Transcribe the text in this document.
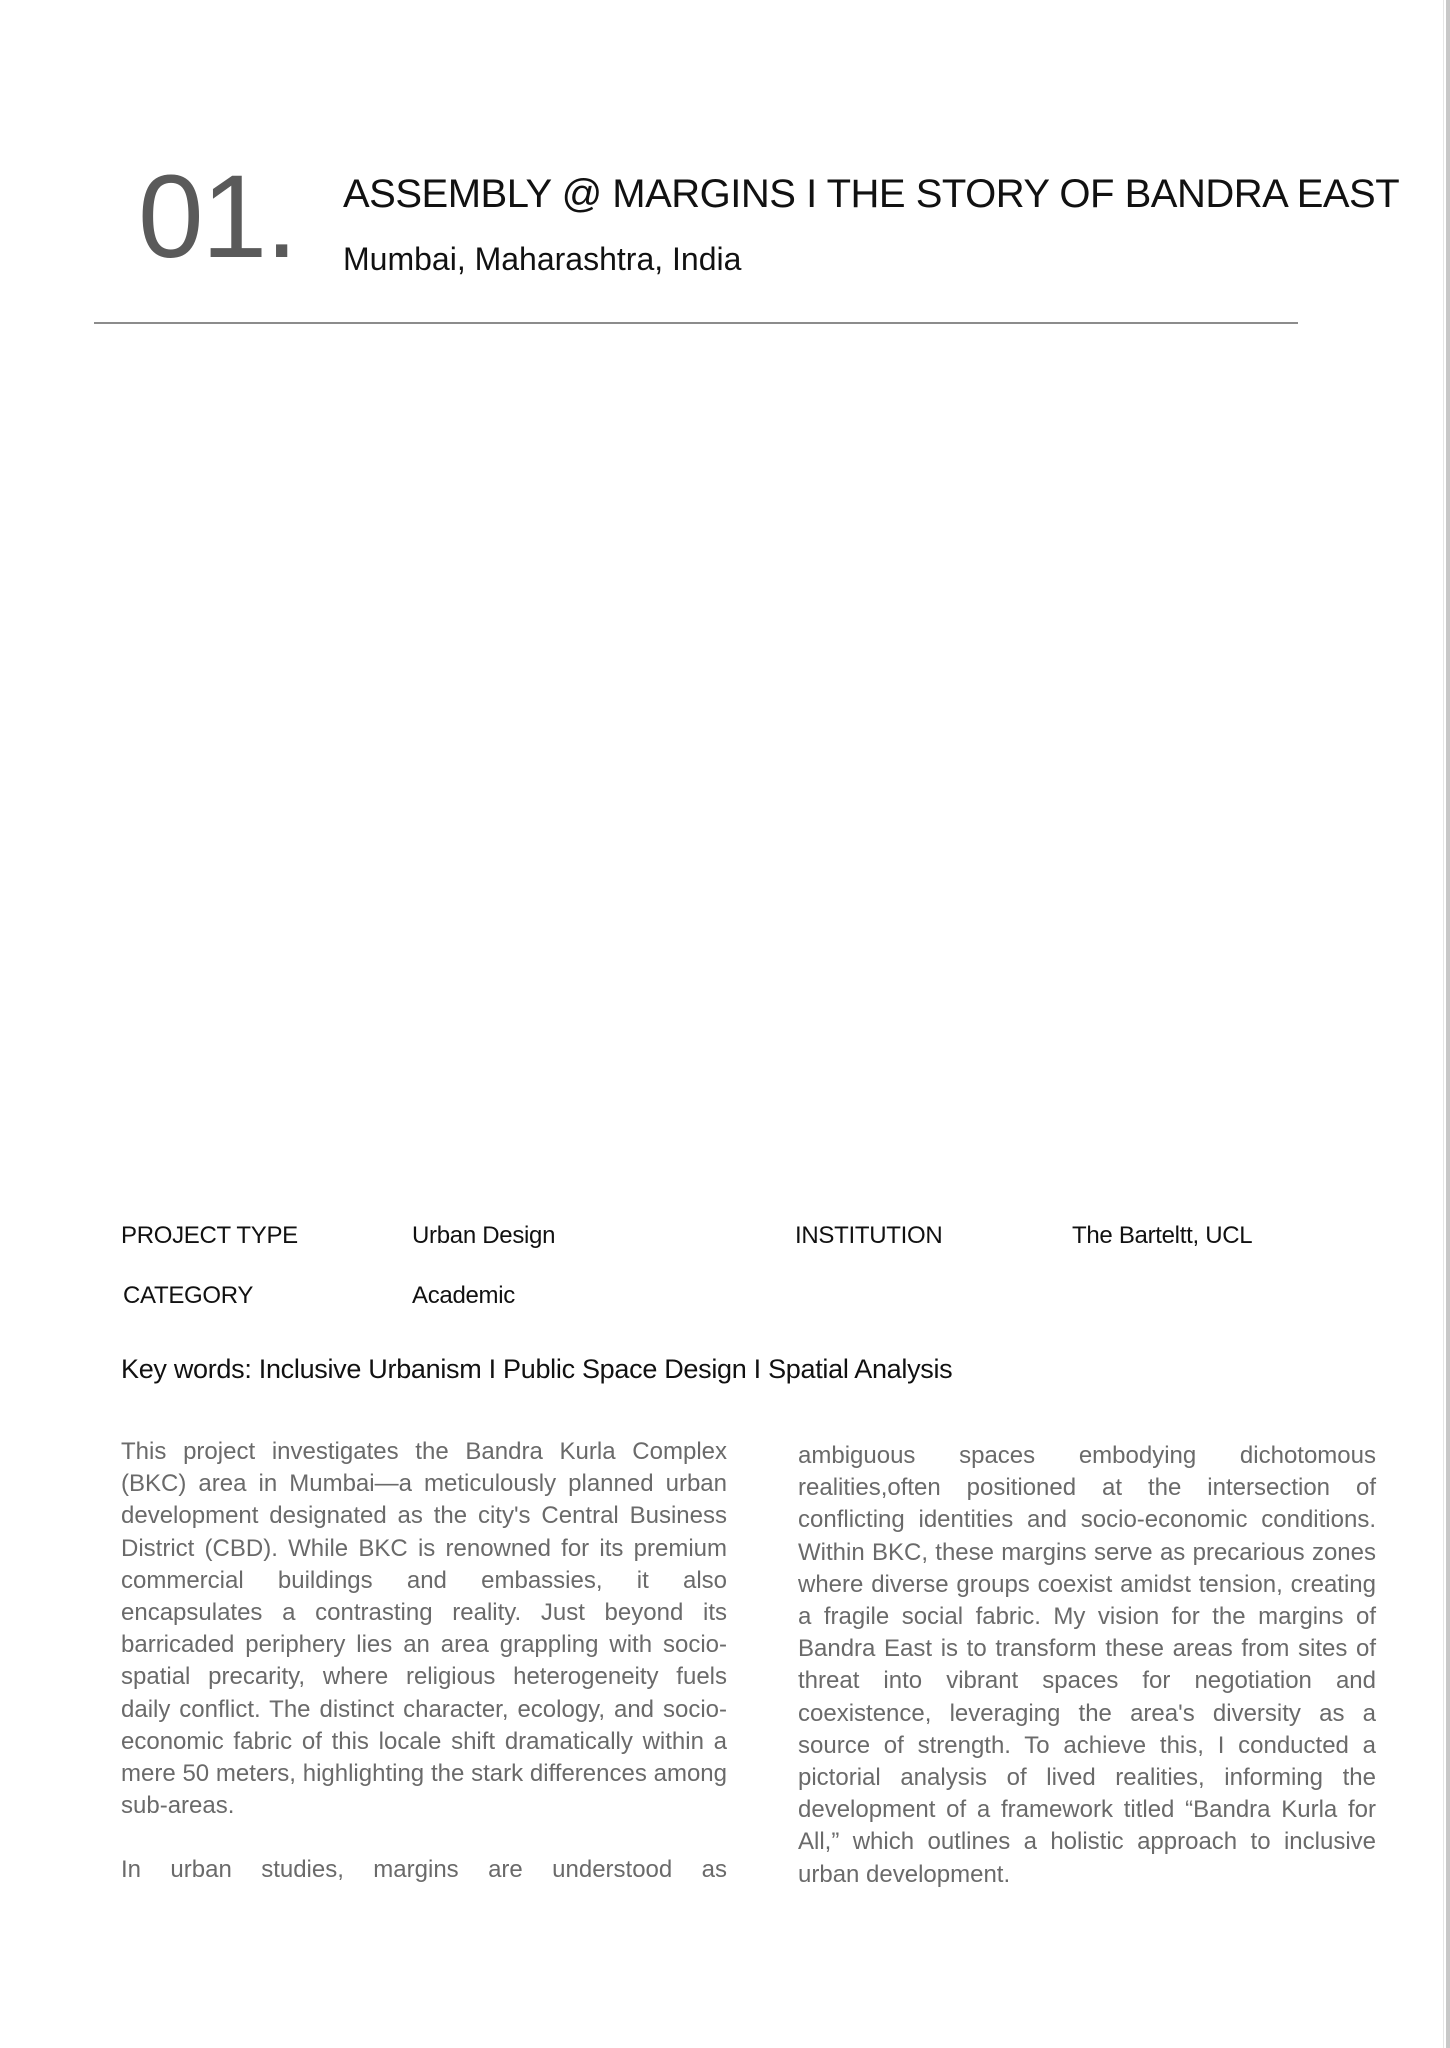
01. ASSEMBLY @ MARGINS I THE STORY OF BANDRA EAST
Mumbai, Maharashtra, India
PROJECT TYPE	Urban Design	INSTITUTION	The Barteltt, UCL
CATEGORY	Academic
Key words: Inclusive Urbanism I Public Space Design I Spatial Analysis

This project investigates the Bandra Kurla Complex (BKC) area in Mumbai—a meticulously planned urban development designated as the city's Central Business District (CBD). While BKC is renowned for its premium commercial buildings and embassies, it also encapsulates a contrasting reality. Just beyond its barricaded periphery lies an area grappling with socio-spatial precarity, where religious heterogeneity fuels daily conflict. The distinct character, ecology, and socio-economic fabric of this locale shift dramatically within a mere 50 meters, highlighting the stark differences among sub-areas.

In urban studies, margins are understood as

ambiguous spaces embodying dichotomous realities,often positioned at the intersection of conflicting identities and socio-economic conditions. Within BKC, these margins serve as precarious zones where diverse groups coexist amidst tension, creating a fragile social fabric. My vision for the margins of Bandra East is to transform these areas from sites of threat into vibrant spaces for negotiation and coexistence, leveraging the area's diversity as a source of strength. To achieve this, I conducted a pictorial analysis of lived realities, informing the development of a framework titled “Bandra Kurla for All,” which outlines a holistic approach to inclusive urban development.
